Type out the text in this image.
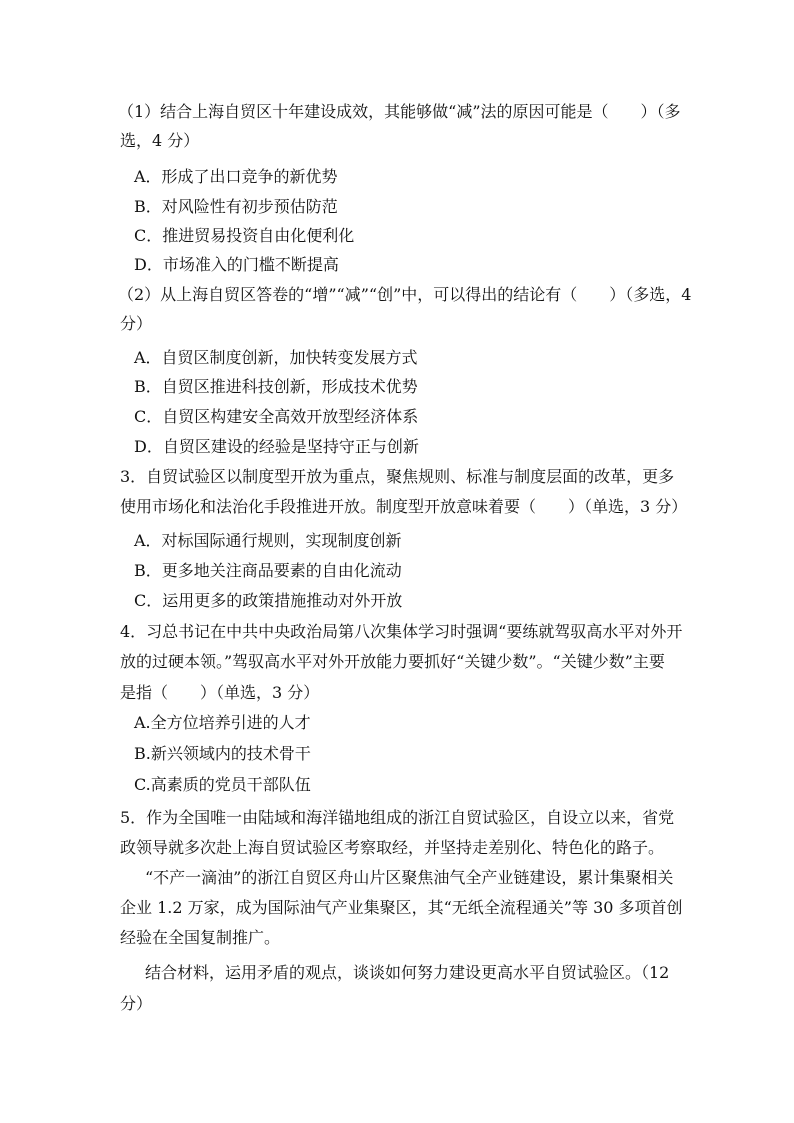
（1）结合上海自贸区十年建设成效，其能够做“减”法的原因可能是（　　）（多
选，4 分）
A．形成了出口竞争的新优势
B．对风险性有初步预估防范
C．推进贸易投资自由化便利化
D．市场准入的门槛不断提高
（2）从上海自贸区答卷的“增”“减”“创”中，可以得出的结论有（　　）（多选，4
分）
A．自贸区制度创新，加快转变发展方式
B．自贸区推进科技创新，形成技术优势
C．自贸区构建安全高效开放型经济体系
D．自贸区建设的经验是坚持守正与创新
3．自贸试验区以制度型开放为重点，聚焦规则、标准与制度层面的改革，更多
使用市场化和法治化手段推进开放。制度型开放意味着要（　　）（单选，3 分）
A．对标国际通行规则，实现制度创新
B．更多地关注商品要素的自由化流动
C．运用更多的政策措施推动对外开放
4．习总书记在中共中央政治局第八次集体学习时强调“要练就驾驭高水平对外开
放的过硬本领。”驾驭高水平对外开放能力要抓好“关键少数”。“关键少数”主要
是指（　　）（单选，3 分）
A.全方位培养引进的人才
B.新兴领域内的技术骨干
C.高素质的党员干部队伍
5．作为全国唯一由陆域和海洋锚地组成的浙江自贸试验区，自设立以来，省党
政领导就多次赴上海自贸试验区考察取经，并坚持走差别化、特色化的路子。
“不产一滴油”的浙江自贸区舟山片区聚焦油气全产业链建设，累计集聚相关
企业 1.2 万家，成为国际油气产业集聚区，其“无纸全流程通关”等 30 多项首创
经验在全国复制推广。
结合材料，运用矛盾的观点，谈谈如何努力建设更高水平自贸试验区。（12
分）
